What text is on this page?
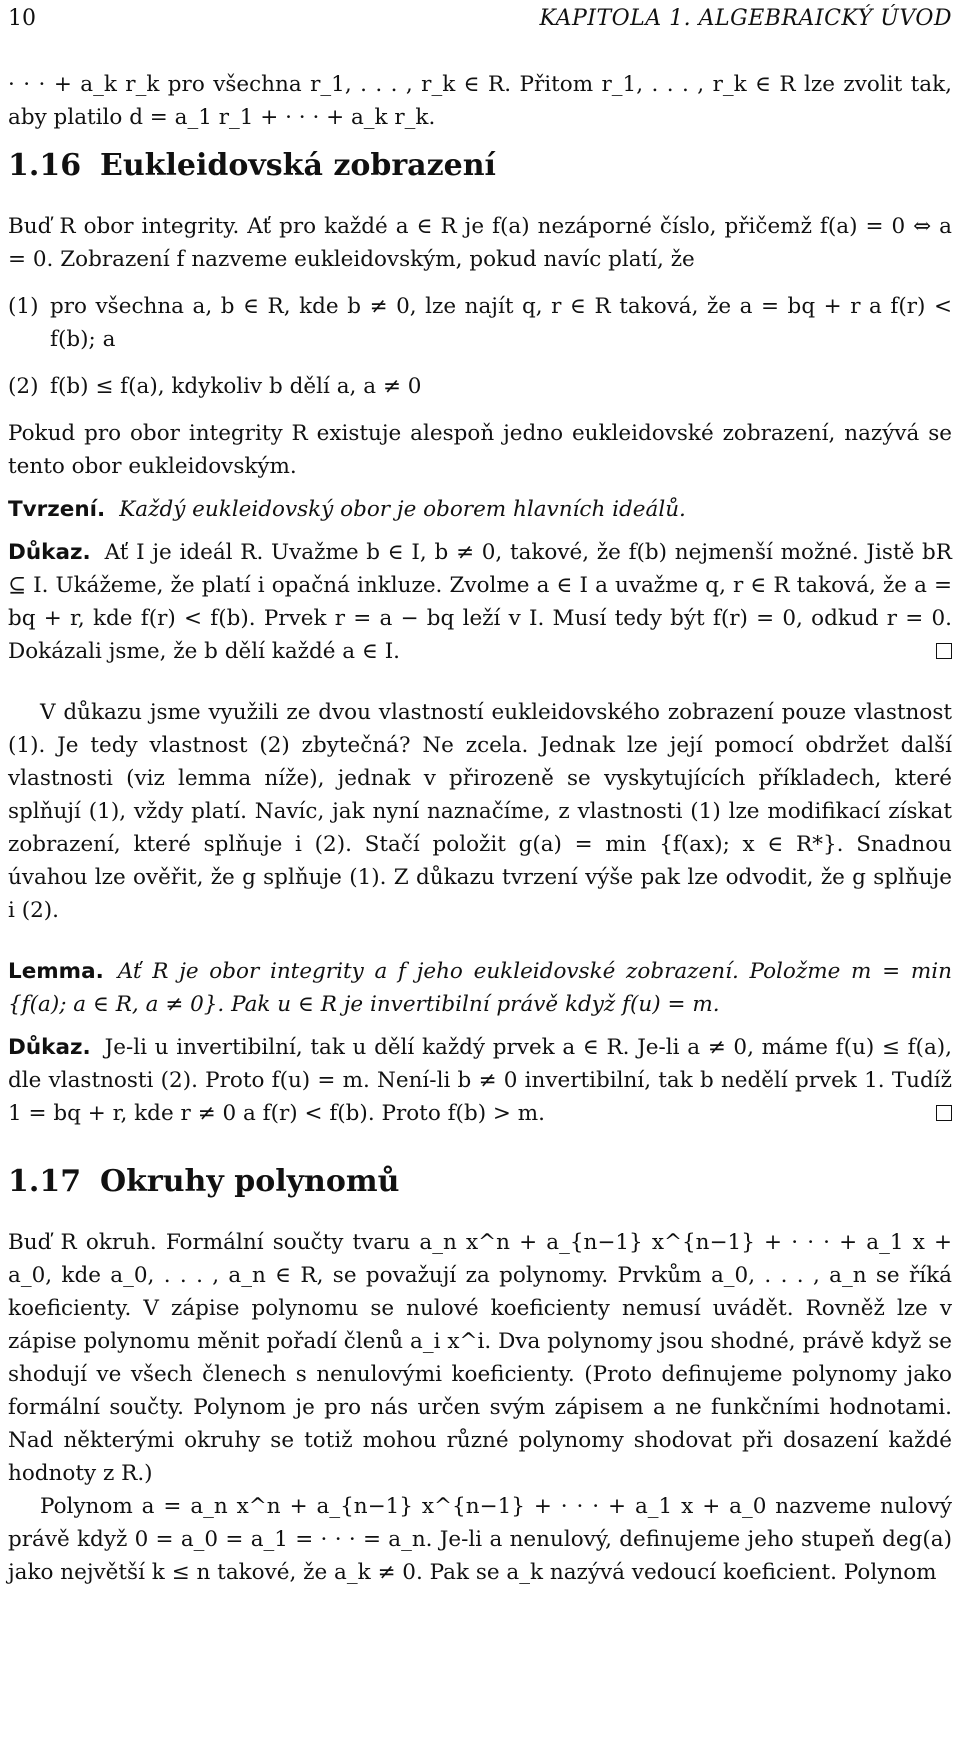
10	KAPITOLA 1. ALGEBRAICKÝ ÚVOD

· · · + a_k r_k pro všechna r_1, . . . , r_k ∈ R. Přitom r_1, . . . , r_k ∈ R lze zvolit tak, aby platilo d = a_1 r_1 + · · · + a_k r_k.

1.16 Eukleidovská zobrazení

Buď R obor integrity. Ať pro každé a ∈ R je f(a) nezáporné číslo, přičemž f(a) = 0 ⇔ a = 0. Zobrazení f nazveme eukleidovským, pokud navíc platí, že

(1) pro všechna a, b ∈ R, kde b ≠ 0, lze najít q, r ∈ R taková, že a = bq + r a f(r) < f(b); a
(2) f(b) ≤ f(a), kdykoliv b dělí a, a ≠ 0

Pokud pro obor integrity R existuje alespoň jedno eukleidovské zobrazení, nazývá se tento obor eukleidovským.

Tvrzení. Každý eukleidovský obor je oborem hlavních ideálů.

Důkaz. Ať I je ideál R. Uvažme b ∈ I, b ≠ 0, takové, že f(b) nejmenší možné. Jistě bR ⊆ I. Ukážeme, že platí i opačná inkluze. Zvolme a ∈ I a uvažme q, r ∈ R taková, že a = bq + r, kde f(r) < f(b). Prvek r = a − bq leží v I. Musí tedy být f(r) = 0, odkud r = 0. Dokázali jsme, že b dělí každé a ∈ I.

V důkazu jsme využili ze dvou vlastností eukleidovského zobrazení pouze vlastnost (1). Je tedy vlastnost (2) zbytečná? Ne zcela. Jednak lze její pomocí obdržet další vlastnosti (viz lemma níže), jednak v přirozeně se vyskytujících příkladech, které splňují (1), vždy platí. Navíc, jak nyní naznačíme, z vlastnosti (1) lze modifikací získat zobrazení, které splňuje i (2). Stačí položit g(a) = min {f(ax); x ∈ R*}. Snadnou úvahou lze ověřit, že g splňuje (1). Z důkazu tvrzení výše pak lze odvodit, že g splňuje i (2).

Lemma. Ať R je obor integrity a f jeho eukleidovské zobrazení. Položme m = min {f(a); a ∈ R, a ≠ 0}. Pak u ∈ R je invertibilní právě když f(u) = m.

Důkaz. Je-li u invertibilní, tak u dělí každý prvek a ∈ R. Je-li a ≠ 0, máme f(u) ≤ f(a), dle vlastnosti (2). Proto f(u) = m. Není-li b ≠ 0 invertibilní, tak b nedělí prvek 1. Tudíž 1 = bq + r, kde r ≠ 0 a f(r) < f(b). Proto f(b) > m.

1.17 Okruhy polynomů

Buď R okruh. Formální součty tvaru a_n x^n + a_{n−1} x^{n−1} + · · · + a_1 x + a_0, kde a_0, . . . , a_n ∈ R, se považují za polynomy. Prvkům a_0, . . . , a_n se říká koeficienty. V zápise polynomu se nulové koeficienty nemusí uvádět. Rovněž lze v zápise polynomu měnit pořadí členů a_i x^i. Dva polynomy jsou shodné, právě když se shodují ve všech členech s nenulovými koeficienty. (Proto definujeme polynomy jako formální součty. Polynom je pro nás určen svým zápisem a ne funkčními hodnotami. Nad některými okruhy se totiž mohou různé polynomy shodovat při dosazení každé hodnoty z R.)

Polynom a = a_n x^n + a_{n−1} x^{n−1} + · · · + a_1 x + a_0 nazveme nulový právě když 0 = a_0 = a_1 = · · · = a_n. Je-li a nenulový, definujeme jeho stupeň deg(a) jako největší k ≤ n takové, že a_k ≠ 0. Pak se a_k nazývá vedoucí koeficient. Polynom
